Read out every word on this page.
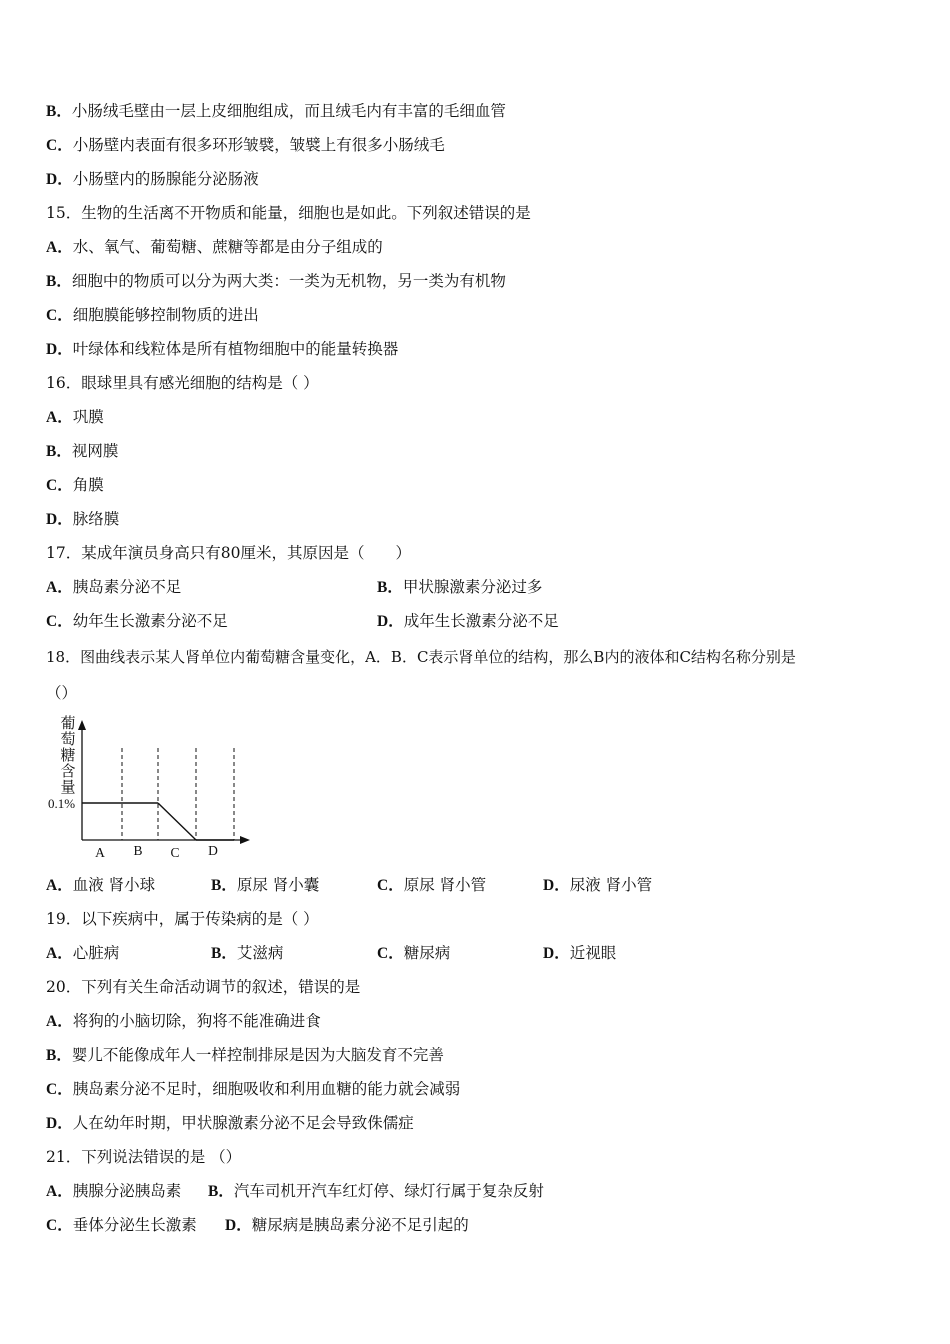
B．小肠绒毛壁由一层上皮细胞组成，而且绒毛内有丰富的毛细血管
C．小肠壁内表面有很多环形皱襞，皱襞上有很多小肠绒毛
D．小肠壁内的肠腺能分泌肠液
15．生物的生活离不开物质和能量，细胞也是如此。下列叙述错误的是
A．水、氧气、葡萄糖、蔗糖等都是由分子组成的
B．细胞中的物质可以分为两大类：一类为无机物，另一类为有机物
C．细胞膜能够控制物质的进出
D．叶绿体和线粒体是所有植物细胞中的能量转换器
16．眼球里具有感光细胞的结构是（ ）
A．巩膜
B．视网膜
C．角膜
D．脉络膜
17．某成年演员身高只有80厘米，其原因是（　　）
A．胰岛素分泌不足	B．甲状腺激素分泌过多
C．幼年生长激素分泌不足	D．成年生长激素分泌不足
18．图曲线表示某人肾单位内葡萄糖含量变化，A．B．C表示肾单位的结构，那么B内的液体和C结构名称分别是
（）
葡
萄
糖
含
量
0.1%
A B C D
A．血液 肾小球	B．原尿 肾小囊	C．原尿 肾小管	D．尿液 肾小管
19．以下疾病中，属于传染病的是（ ）
A．心脏病	B．艾滋病	C．糖尿病	D．近视眼
20．下列有关生命活动调节的叙述，错误的是
A．将狗的小脑切除，狗将不能准确进食
B．婴儿不能像成年人一样控制排尿是因为大脑发育不完善
C．胰岛素分泌不足时，细胞吸收和利用血糖的能力就会减弱
D．人在幼年时期，甲状腺激素分泌不足会导致侏儒症
21．下列说法错误的是 （）
A．胰腺分泌胰岛素 B．汽车司机开汽车红灯停、绿灯行属于复杂反射
C．垂体分泌生长激素 D．糖尿病是胰岛素分泌不足引起的
